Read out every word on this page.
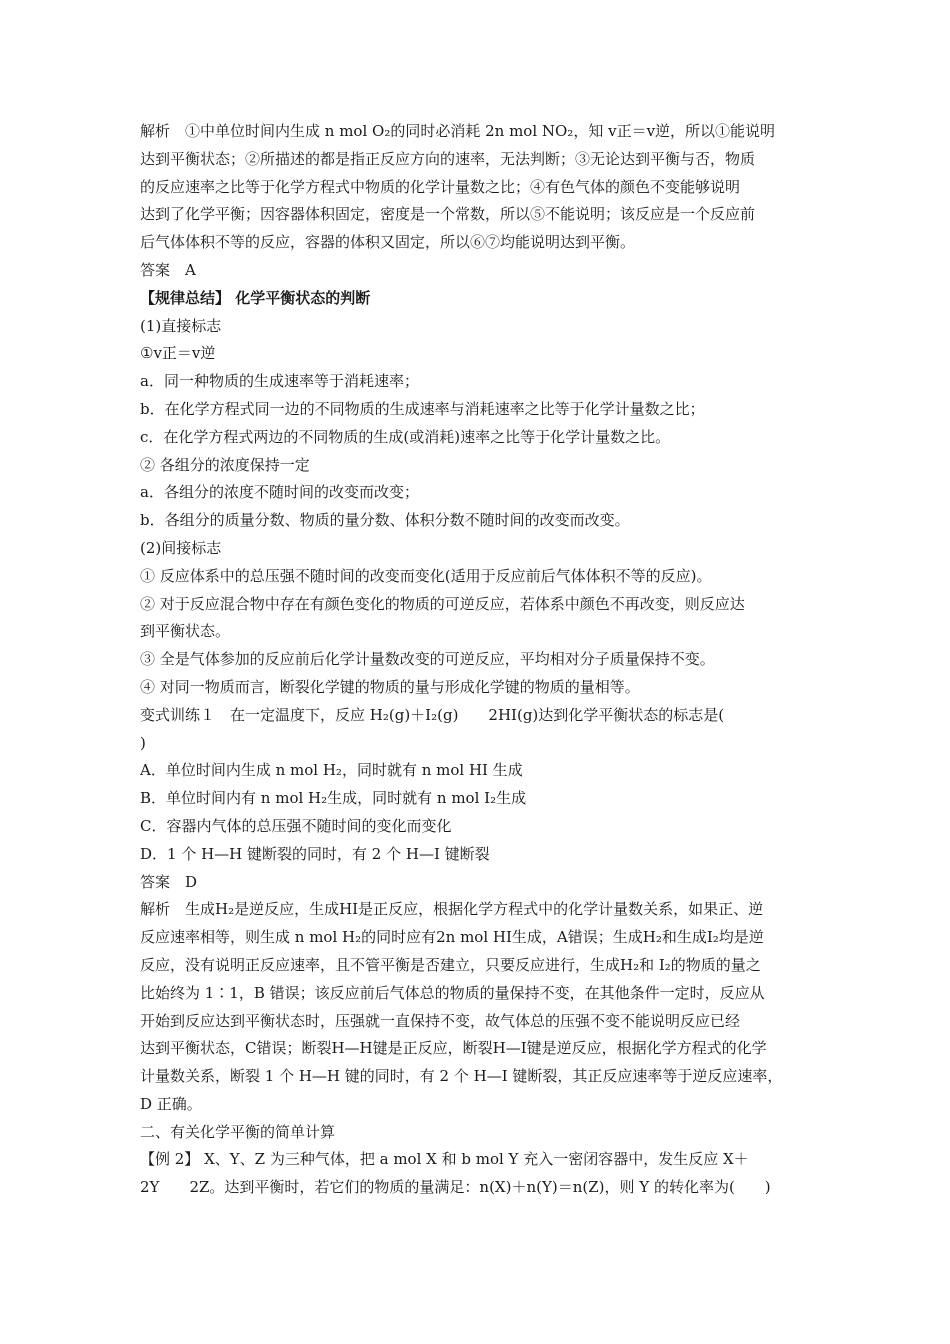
解析　①中单位时间内生成 n mol O₂的同时必消耗 2n mol NO₂，知 v正＝v逆，所以①能说明
达到平衡状态；②所描述的都是指正反应方向的速率，无法判断；③无论达到平衡与否，物质
的反应速率之比等于化学方程式中物质的化学计量数之比；④有色气体的颜色不变能够说明
达到了化学平衡；因容器体积固定，密度是一个常数，所以⑤不能说明；该反应是一个反应前
后气体体积不等的反应，容器的体积又固定，所以⑥⑦均能说明达到平衡。
答案　A
【规律总结】 化学平衡状态的判断
(1)直接标志
①v正＝v逆
a．同一种物质的生成速率等于消耗速率；
b．在化学方程式同一边的不同物质的生成速率与消耗速率之比等于化学计量数之比；
c．在化学方程式两边的不同物质的生成(或消耗)速率之比等于化学计量数之比。
② 各组分的浓度保持一定
a．各组分的浓度不随时间的改变而改变；
b．各组分的质量分数、物质的量分数、体积分数不随时间的改变而改变。
(2)间接标志
① 反应体系中的总压强不随时间的改变而变化(适用于反应前后气体体积不等的反应)。
② 对于反应混合物中存在有颜色变化的物质的可逆反应，若体系中颜色不再改变，则反应达
到平衡状态。
③ 全是气体参加的反应前后化学计量数改变的可逆反应，平均相对分子质量保持不变。
④ 对同一物质而言，断裂化学键的物质的量与形成化学键的物质的量相等。
变式训练１　在一定温度下，反应 H₂(g)＋I₂(g)　　2HI(g)达到化学平衡状态的标志是(
)
A．单位时间内生成 n mol H₂，同时就有 n mol HI 生成
B．单位时间内有 n mol H₂生成，同时就有 n mol I₂生成
C．容器内气体的总压强不随时间的变化而变化
D．1 个 H—H 键断裂的同时，有 2 个 H—I 键断裂
答案　D
解析　生成H₂是逆反应，生成HI是正反应，根据化学方程式中的化学计量数关系，如果正、逆
反应速率相等，则生成 n mol H₂的同时应有2n mol HI生成，A错误；生成H₂和生成I₂均是逆
反应，没有说明正反应速率，且不管平衡是否建立，只要反应进行，生成H₂和 I₂的物质的量之
比始终为 1∶1，B 错误；该反应前后气体总的物质的量保持不变，在其他条件一定时，反应从
开始到反应达到平衡状态时，压强就一直保持不变，故气体总的压强不变不能说明反应已经
达到平衡状态，C错误；断裂H—H键是正反应，断裂H—I键是逆反应，根据化学方程式的化学
计量数关系，断裂 1 个 H—H 键的同时，有 2 个 H—I 键断裂，其正反应速率等于逆反应速率，
D 正确。
二、有关化学平衡的简单计算
【例 2】 X、Y、Z 为三种气体，把 a mol X 和 b mol Y 充入一密闭容器中，发生反应 X＋
2Y　　2Z。达到平衡时，若它们的物质的量满足：n(X)＋n(Y)＝n(Z)，则 Y 的转化率为(　　)
